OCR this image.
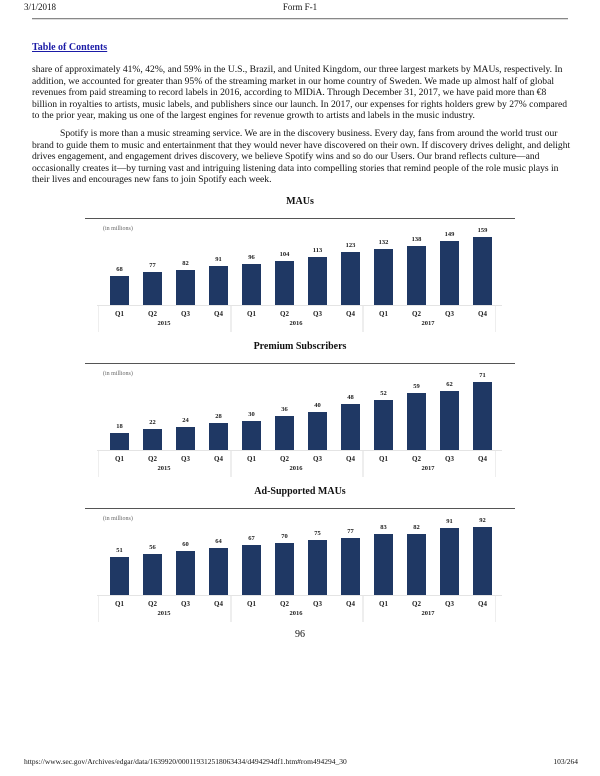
3/1/2018	Form F-1
Table of Contents
share of approximately 41%, 42%, and 59% in the U.S., Brazil, and United Kingdom, our three largest markets by MAUs, respectively. In addition, we accounted for greater than 95% of the streaming market in our home country of Sweden. We made up almost half of global revenues from paid streaming to record labels in 2016, according to MIDiA. Through December 31, 2017, we have paid more than €8 billion in royalties to artists, music labels, and publishers since our launch. In 2017, our expenses for rights holders grew by 27% compared to the prior year, making us one of the largest engines for revenue growth to artists and labels in the music industry.
Spotify is more than a music streaming service. We are in the discovery business. Every day, fans from around the world trust our brand to guide them to music and entertainment that they would never have discovered on their own. If discovery drives delight, and delight drives engagement, and engagement drives discovery, we believe Spotify wins and so do our Users. Our brand reflects culture—and occasionally creates it—by turning vast and intriguing listening data into compelling stories that remind people of the role music plays in their lives and encourages new fans to join Spotify each week.
MAUs
(in millions)
68
Q1
77
Q2
82
Q3
91
Q4
96
Q1
104
Q2
113
Q3
123
Q4
132
Q1
138
Q2
149
Q3
159
Q4
2015	2016	2017
Premium Subscribers
(in millions)
18
Q1
22
Q2
24
Q3
28
Q4
30
Q1
36
Q2
40
Q3
48
Q4
52
Q1
59
Q2
62
Q3
71
Q4
2015	2016	2017
Ad-Supported MAUs
(in millions)
51
Q1
56
Q2
60
Q3
64
Q4
67
Q1
70
Q2
75
Q3
77
Q4
83
Q1
82
Q2
91
Q3
92
Q4
2015	2016	2017
96
https://www.sec.gov/Archives/edgar/data/1639920/000119312518063434/d494294df1.htm#rom494294_30	103/264
